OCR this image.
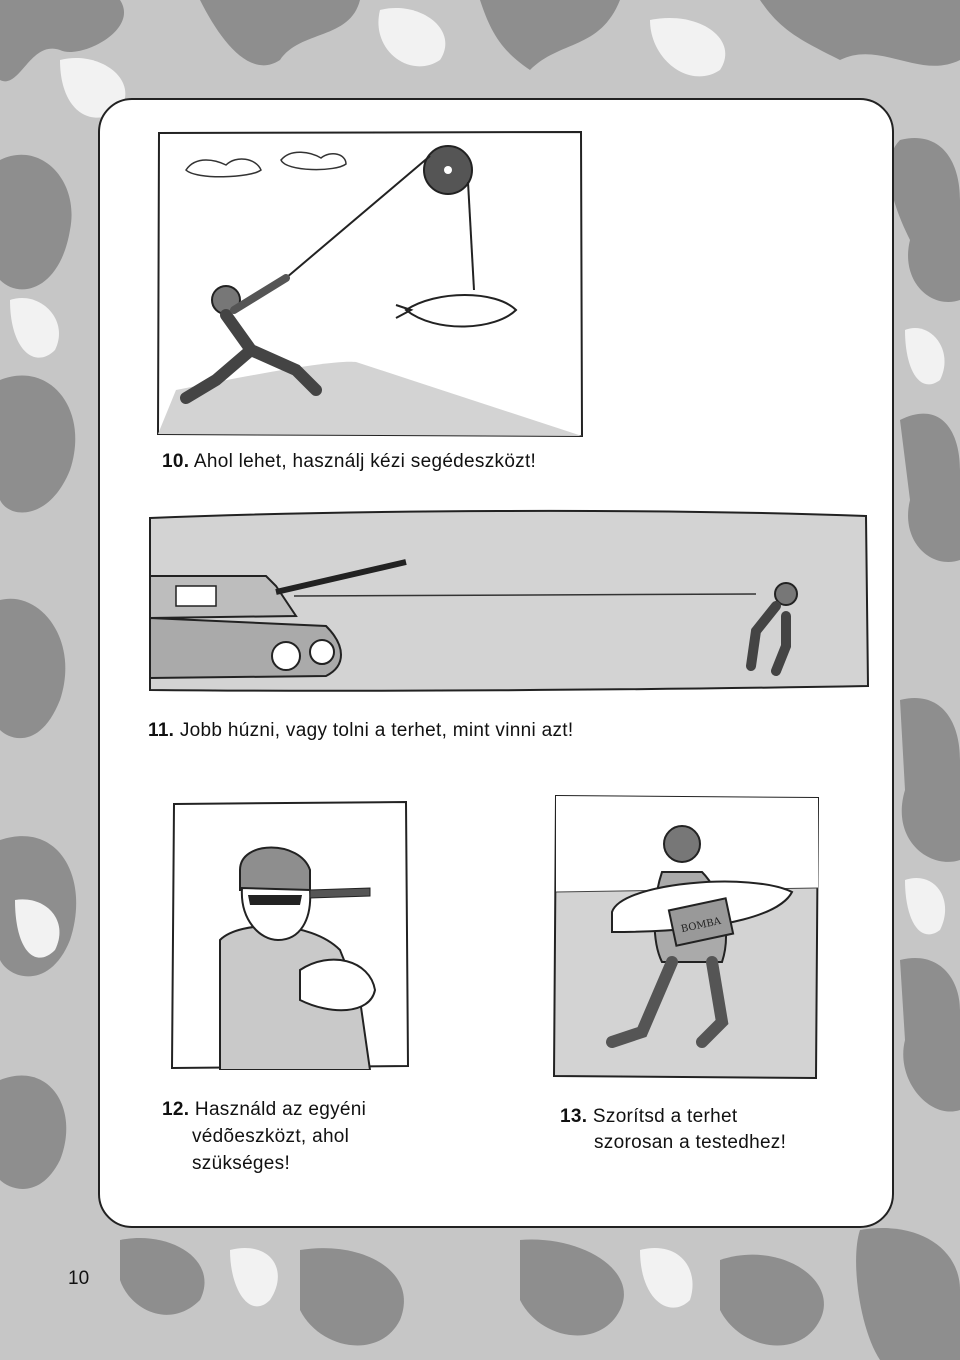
10. Ahol lehet, használj kézi segédeszközt!
11. Jobb húzni, vagy tolni a terhet, mint vinni azt!
12. Használd az egyéni
védõeszközt, ahol
szükséges!
BOMBA
13. Szorítsd a terhet
szorosan a testedhez!
10
